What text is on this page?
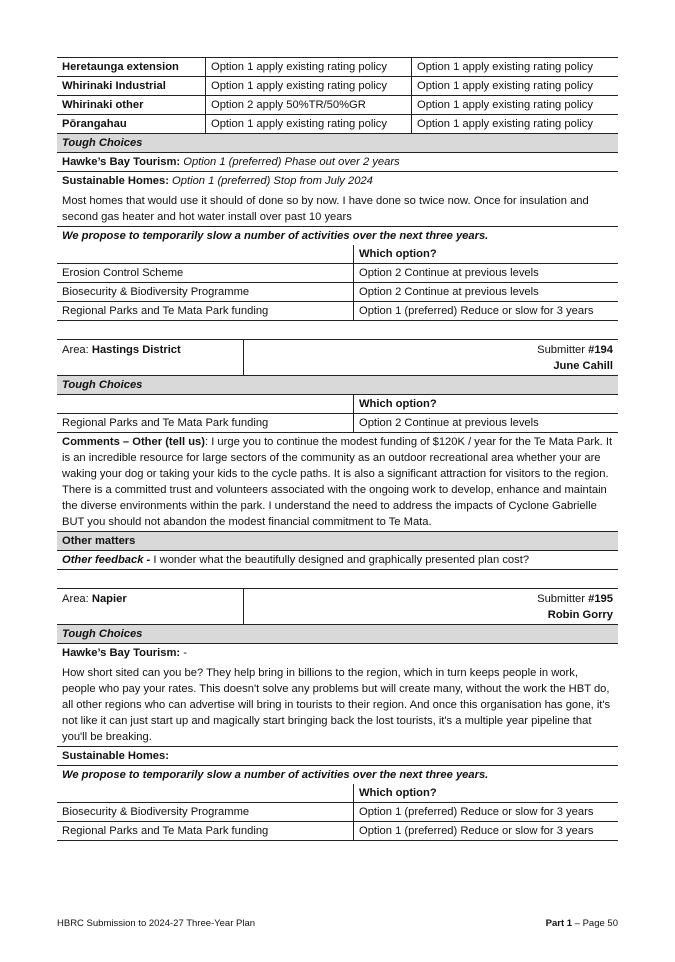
Heretaunga extension	Option 1 apply existing rating policy	Option 1 apply existing rating policy
Whirinaki Industrial	Option 1 apply existing rating policy	Option 1 apply existing rating policy
Whirinaki other	Option 2 apply 50%TR/50%GR	Option 1 apply existing rating policy
Pōrangahau	Option 1 apply existing rating policy	Option 1 apply existing rating policy
Tough Choices
Hawke’s Bay Tourism: Option 1 (preferred) Phase out over 2 years
Sustainable Homes: Option 1 (preferred) Stop from July 2024
Most homes that would use it should of done so by now. I have done so twice now. Once for insulation and second gas heater and hot water install over past 10 years
We propose to temporarily slow a number of activities over the next three years.
	Which option?
Erosion Control Scheme	Option 2 Continue at previous levels
Biosecurity & Biodiversity Programme	Option 2 Continue at previous levels
Regional Parks and Te Mata Park funding	Option 1 (preferred) Reduce or slow for 3 years
Area: Hastings District	Submitter #194
June Cahill
Tough Choices
	Which option?
Regional Parks and Te Mata Park funding	Option 2 Continue at previous levels
Comments – Other (tell us): I urge you to continue the modest funding of $120K / year for the Te Mata Park. It is an incredible resource for large sectors of the community as an outdoor recreational area whether your are waking your dog or taking your kids to the cycle paths. It is also a significant attraction for visitors to the region. There is a committed trust and volunteers associated with the ongoing work to develop, enhance and maintain the diverse environments within the park. I understand the need to address the impacts of Cyclone Gabrielle BUT you should not abandon the modest financial commitment to Te Mata.
Other matters
Other feedback - I wonder what the beautifully designed and graphically presented plan cost?
Area: Napier	Submitter #195
Robin Gorry
Tough Choices
Hawke’s Bay Tourism: -
How short sited can you be? They help bring in billions to the region, which in turn keeps people in work, people who pay your rates. This doesn't solve any problems but will create many, without the work the HBT do, all other regions who can advertise will bring in tourists to their region. And once this organisation has gone, it's not like it can just start up and magically start bringing back the lost tourists, it's a multiple year pipeline that you'll be breaking.
Sustainable Homes:
We propose to temporarily slow a number of activities over the next three years.
	Which option?
Biosecurity & Biodiversity Programme	Option 1 (preferred) Reduce or slow for 3 years
Regional Parks and Te Mata Park funding	Option 1 (preferred) Reduce or slow for 3 years
HBRC Submission to 2024-27 Three-Year Plan	Part 1 – Page 50
